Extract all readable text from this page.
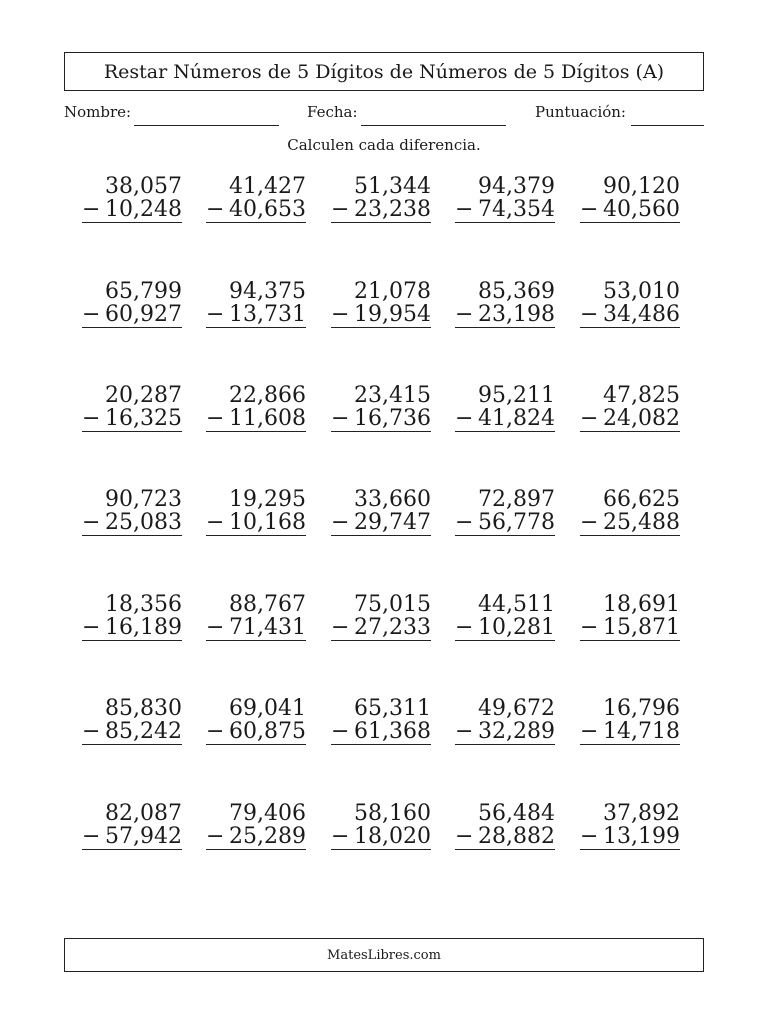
Restar Números de 5 Dígitos de Números de 5 Dígitos (A)
Nombre:	Fecha:	Puntuación:
Calculen cada diferencia.
38,057
− 10,248
41,427
− 40,653
51,344
− 23,238
94,379
− 74,354
90,120
− 40,560
65,799
− 60,927
94,375
− 13,731
21,078
− 19,954
85,369
− 23,198
53,010
− 34,486
20,287
− 16,325
22,866
− 11,608
23,415
− 16,736
95,211
− 41,824
47,825
− 24,082
90,723
− 25,083
19,295
− 10,168
33,660
− 29,747
72,897
− 56,778
66,625
− 25,488
18,356
− 16,189
88,767
− 71,431
75,015
− 27,233
44,511
− 10,281
18,691
− 15,871
85,830
− 85,242
69,041
− 60,875
65,311
− 61,368
49,672
− 32,289
16,796
− 14,718
82,087
− 57,942
79,406
− 25,289
58,160
− 18,020
56,484
− 28,882
37,892
− 13,199
MatesLibres.com
